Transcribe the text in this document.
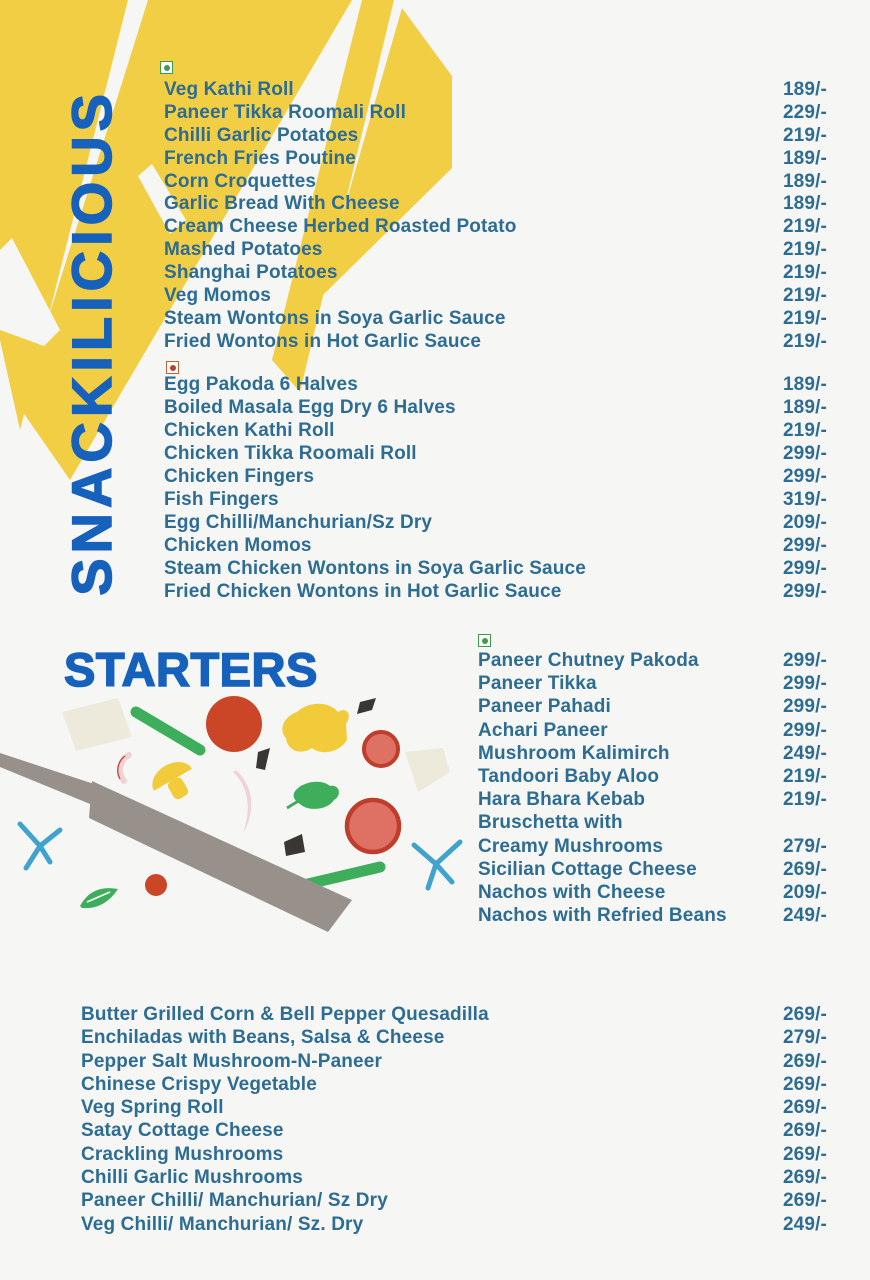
SNACKILICIOUS Veg Kathi Roll	189/-
Paneer Tikka Roomali Roll	229/-
Chilli Garlic Potatoes	219/-
French Fries Poutine	189/-
Corn Croquettes	189/-
Garlic Bread With Cheese	189/-
Cream Cheese Herbed Roasted Potato	219/-
Mashed Potatoes	219/-
Shanghai Potatoes	219/-
Veg Momos	219/-
Steam Wontons in Soya Garlic Sauce	219/-
Fried Wontons in Hot Garlic Sauce	219/-
Egg Pakoda 6 Halves	189/-
Boiled Masala Egg Dry 6 Halves	189/-
Chicken Kathi Roll	219/-
Chicken Tikka Roomali Roll	299/-
Chicken Fingers	299/-
Fish Fingers	319/-
Egg Chilli/Manchurian/Sz Dry	209/-
Chicken Momos	299/-
Steam Chicken Wontons in Soya Garlic Sauce	299/-
Fried Chicken Wontons in Hot Garlic Sauce	299/-
STARTERS	Paneer Chutney Pakoda	299/-
Paneer Tikka	299/-
Paneer Pahadi	299/-
Achari Paneer	299/-
Mushroom Kalimirch	249/-
Tandoori Baby Aloo	219/-
Hara Bhara Kebab	219/-
Bruschetta with
Creamy Mushrooms	279/-
Sicilian Cottage Cheese	269/-
Nachos with Cheese	209/-
Nachos with Refried Beans	249/-
Butter Grilled Corn & Bell Pepper Quesadilla	269/-
Enchiladas with Beans, Salsa & Cheese	279/-
Pepper Salt Mushroom-N-Paneer	269/-
Chinese Crispy Vegetable	269/-
Veg Spring Roll	269/-
Satay Cottage Cheese	269/-
Crackling Mushrooms	269/-
Chilli Garlic Mushrooms	269/-
Paneer Chilli/ Manchurian/ Sz Dry	269/-
Veg Chilli/ Manchurian/ Sz. Dry	249/-
